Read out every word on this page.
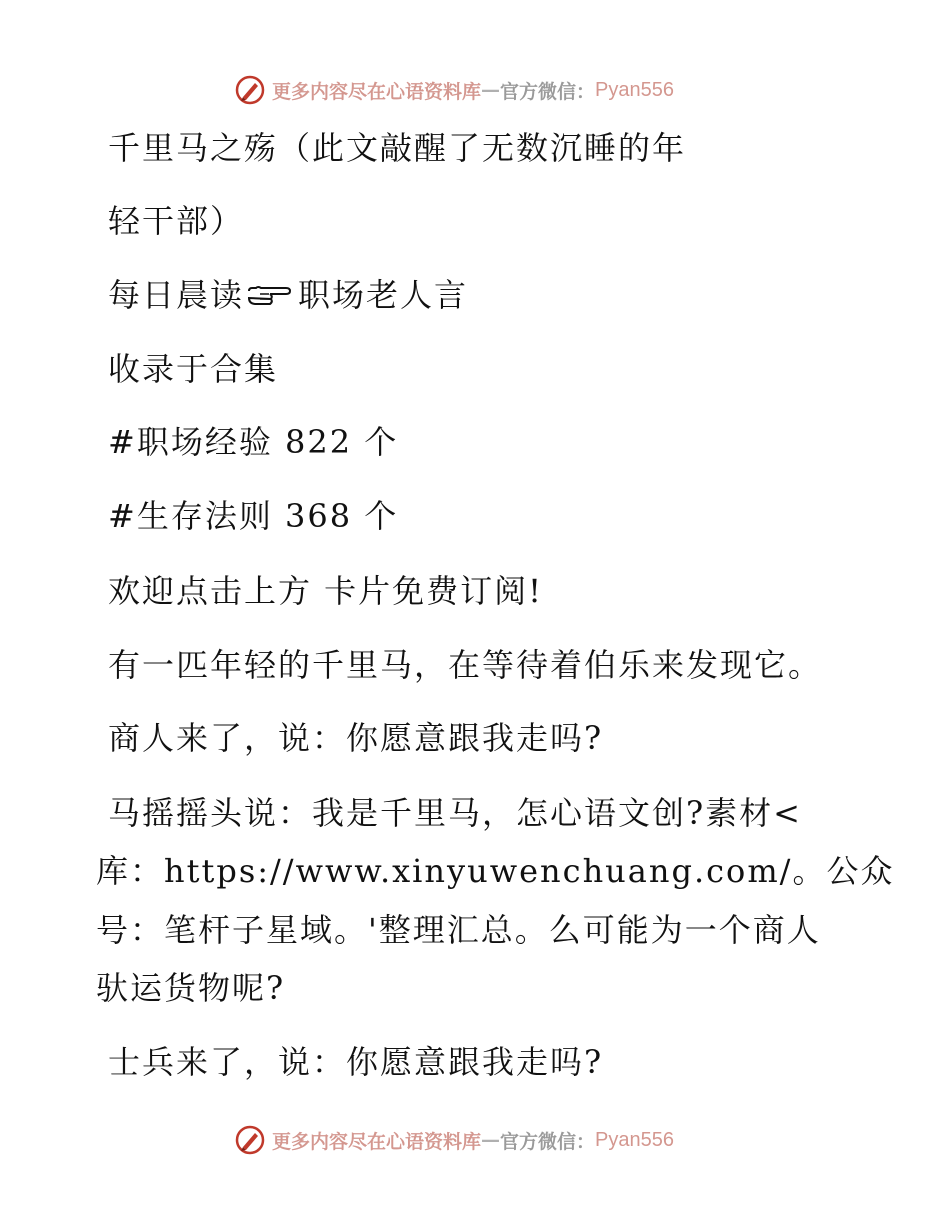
更多内容尽在心语资料库 — 官方微信： Pyan556

千里马之殇（此文敲醒了无数沉睡的年

轻干部）

每日晨读 职场老人言

收录于合集

#职场经验 822 个

#生存法则 368 个

欢迎点击上方 卡片免费订阅!

有一匹年轻的千里马，在等待着伯乐来发现它。

商人来了，说：你愿意跟我走吗?

马摇摇头说：我是千里马，怎心语文创?素材<

库：https://www.xinyuwenchuang.com/。公众

号：笔杆子星域。'整理汇总。么可能为一个商人

驮运货物呢?

士兵来了，说：你愿意跟我走吗?

更多内容尽在心语资料库 — 官方微信： Pyan556
